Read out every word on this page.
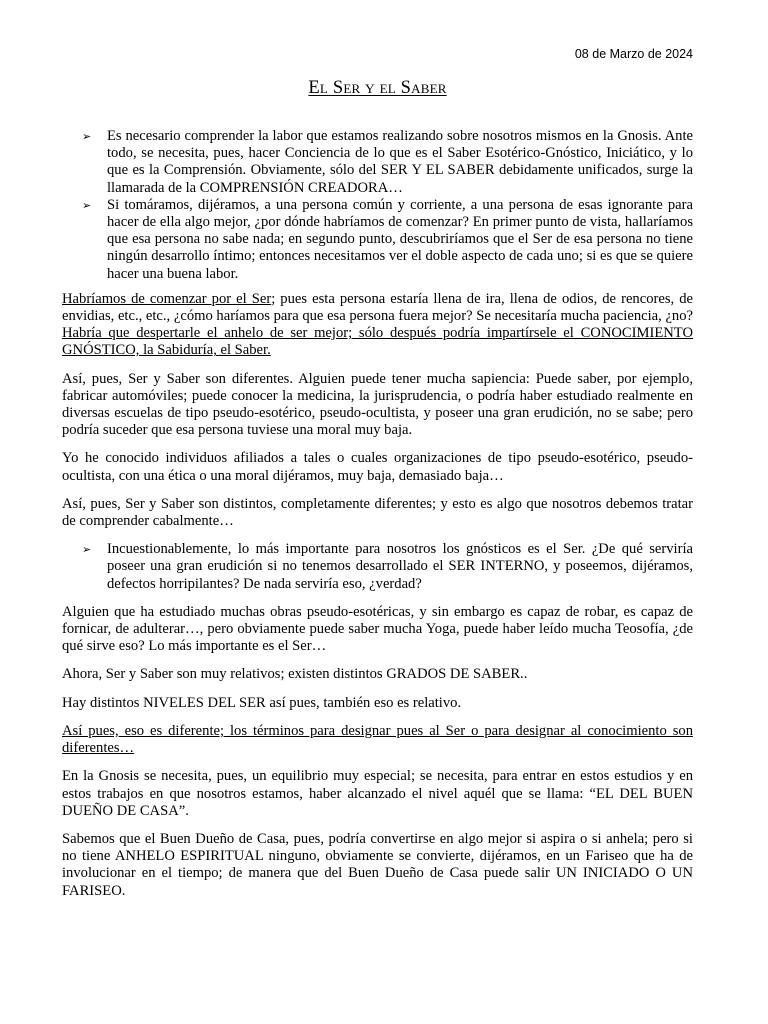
08 de Marzo de 2024
El Ser y el Saber
➢ Es necesario comprender la labor que estamos realizando sobre nosotros mismos en la Gnosis. Ante todo, se necesita, pues, hacer Conciencia de lo que es el Saber Esotérico-Gnóstico, Iniciático, y lo que es la Comprensión. Obviamente, sólo del SER Y EL SABER debidamente unificados, surge la llamarada de la COMPRENSIÓN CREADORA…
➢ Si tomáramos, dijéramos, a una persona común y corriente, a una persona de esas ignorante para hacer de ella algo mejor, ¿por dónde habríamos de comenzar? En primer punto de vista, hallaríamos que esa persona no sabe nada; en segundo punto, descubriríamos que el Ser de esa persona no tiene ningún desarrollo íntimo; entonces necesitamos ver el doble aspecto de cada uno; si es que se quiere hacer una buena labor.

Habríamos de comenzar por el Ser; pues esta persona estaría llena de ira, llena de odios, de rencores, de envidias, etc., etc., ¿cómo haríamos para que esa persona fuera mejor? Se necesitaría mucha paciencia, ¿no? Habría que despertarle el anhelo de ser mejor; sólo después podría impartírsele el CONOCIMIENTO GNÓSTICO, la Sabiduría, el Saber.

Así, pues, Ser y Saber son diferentes. Alguien puede tener mucha sapiencia: Puede saber, por ejemplo, fabricar automóviles; puede conocer la medicina, la jurisprudencia, o podría haber estudiado realmente en diversas escuelas de tipo pseudo-esotérico, pseudo-ocultista, y poseer una gran erudición, no se sabe; pero podría suceder que esa persona tuviese una moral muy baja.

Yo he conocido individuos afiliados a tales o cuales organizaciones de tipo pseudo-esotérico, pseudo-ocultista, con una ética o una moral dijéramos, muy baja, demasiado baja…

Así, pues, Ser y Saber son distintos, completamente diferentes; y esto es algo que nosotros debemos tratar de comprender cabalmente…

➢ Incuestionablemente, lo más importante para nosotros los gnósticos es el Ser. ¿De qué serviría poseer una gran erudición si no tenemos desarrollado el SER INTERNO, y poseemos, dijéramos, defectos horripilantes? De nada serviría eso, ¿verdad?

Alguien que ha estudiado muchas obras pseudo-esotéricas, y sin embargo es capaz de robar, es capaz de fornicar, de adulterar…, pero obviamente puede saber mucha Yoga, puede haber leído mucha Teosofía, ¿de qué sirve eso? Lo más importante es el Ser…

Ahora, Ser y Saber son muy relativos; existen distintos GRADOS DE SABER..

Hay distintos NIVELES DEL SER así pues, también eso es relativo.

Así pues, eso es diferente; los términos para designar pues al Ser o para designar al conocimiento son diferentes…

En la Gnosis se necesita, pues, un equilibrio muy especial; se necesita, para entrar en estos estudios y en estos trabajos en que nosotros estamos, haber alcanzado el nivel aquél que se llama: “EL DEL BUEN DUEÑO DE CASA”.

Sabemos que el Buen Dueño de Casa, pues, podría convertirse en algo mejor si aspira o si anhela; pero si no tiene ANHELO ESPIRITUAL ninguno, obviamente se convierte, dijéramos, en un Fariseo que ha de involucionar en el tiempo; de manera que del Buen Dueño de Casa puede salir UN INICIADO O UN FARISEO.
